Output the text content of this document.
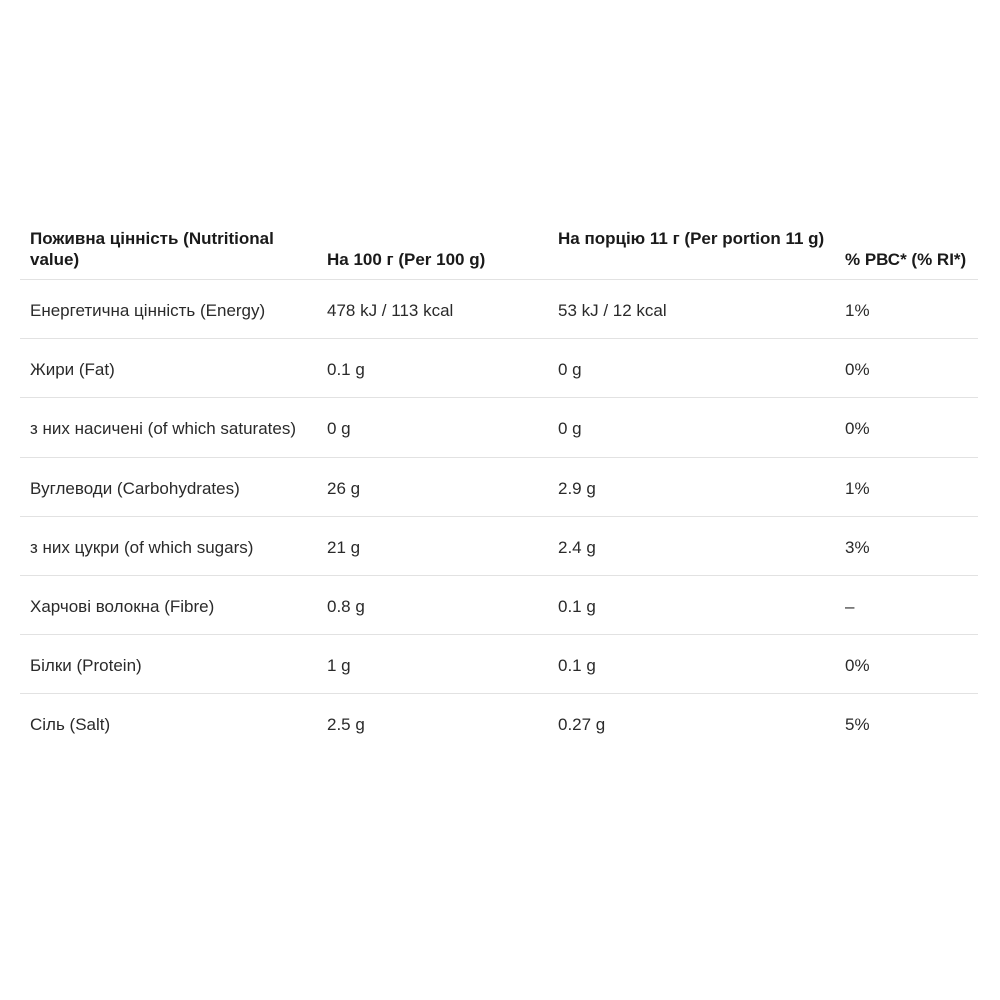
Поживна цінність (Nutritional value)	На 100 г (Per 100 g)	На порцію 11 г (Per portion 11 g)	% РВС* (% RI*)
Енергетична цінність (Energy)	478 kJ / 113 kcal	53 kJ / 12 kcal	1%
Жири (Fat)	0.1 g	0 g	0%
з них насичені (of which saturates)	0 g	0 g	0%
Вуглеводи (Carbohydrates)	26 g	2.9 g	1%
з них цукри (of which sugars)	21 g	2.4 g	3%
Харчові волокна (Fibre)	0.8 g	0.1 g	–
Білки (Protein)	1 g	0.1 g	0%
Сіль (Salt)	2.5 g	0.27 g	5%
